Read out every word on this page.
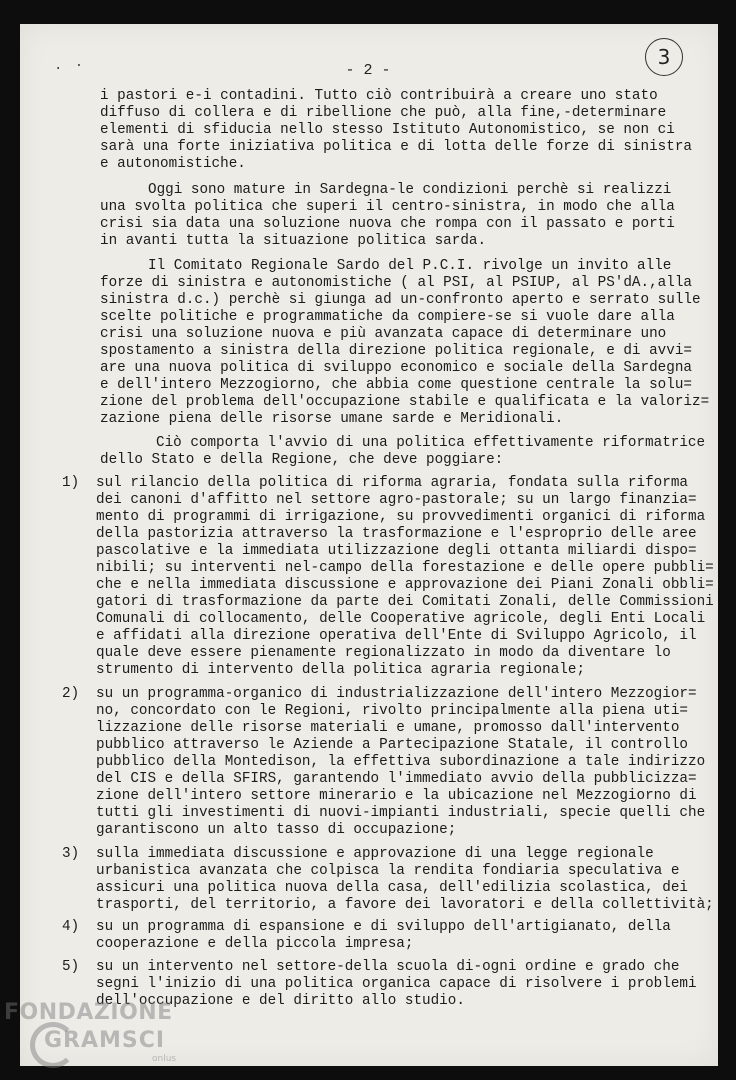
. ·	- 2 -
3
i pastori e-i contadini. Tutto ciò contribuirà a creare uno stato
diffuso di collera e di ribellione che può, alla fine,-determinare
elementi di sfiducia nello stesso Istituto Autonomistico, se non ci
sarà una forte iniziativa politica e di lotta delle forze di sinistra
e autonomistiche.
Oggi sono mature in Sardegna-le condizioni perchè si realizzi
una svolta politica che superi il centro-sinistra, in modo che alla
crisi sia data una soluzione nuova che rompa con il passato e porti
in avanti tutta la situazione politica sarda.
Il Comitato Regionale Sardo del P.C.I. rivolge un invito alle
forze di sinistra e autonomistiche ( al PSI, al PSIUP, al PS'dA.,alla
sinistra d.c.) perchè si giunga ad un-confronto aperto e serrato sulle
scelte politiche e programmatiche da compiere-se si vuole dare alla
crisi una soluzione nuova e più avanzata capace di determinare uno
spostamento a sinistra della direzione politica regionale, e di avvi=
are una nuova politica di sviluppo economico e sociale della Sardegna
e dell'intero Mezzogiorno, che abbia come questione centrale la solu=
zione del problema dell'occupazione stabile e qualificata e la valoriz=
zazione piena delle risorse umane sarde e Meridionali.
Ciò comporta l'avvio di una politica effettivamente riformatrice
dello Stato e della Regione, che deve poggiare:
1) sul rilancio della politica di riforma agraria, fondata sulla riforma
dei canoni d'affitto nel settore agro-pastorale; su un largo finanzia=
mento di programmi di irrigazione, su provvedimenti organici di riforma
della pastorizia attraverso la trasformazione e l'esproprio delle aree
pascolative e la immediata utilizzazione degli ottanta miliardi dispo=
nibili; su interventi nel-campo della forestazione e delle opere pubbli=
che e nella immediata discussione e approvazione dei Piani Zonali obbli=
gatori di trasformazione da parte dei Comitati Zonali, delle Commissioni
Comunali di collocamento, delle Cooperative agricole, degli Enti Locali
e affidati alla direzione operativa dell'Ente di Sviluppo Agricolo, il
quale deve essere pienamente regionalizzato in modo da diventare lo
strumento di intervento della politica agraria regionale;
2) su un programma-organico di industrializzazione dell'intero Mezzogior=
no, concordato con le Regioni, rivolto principalmente alla piena uti=
lizzazione delle risorse materiali e umane, promosso dall'intervento
pubblico attraverso le Aziende a Partecipazione Statale, il controllo
pubblico della Montedison, la effettiva subordinazione a tale indirizzo
del CIS e della SFIRS, garantendo l'immediato avvio della pubblicizza=
zione dell'intero settore minerario e la ubicazione nel Mezzogiorno di
tutti gli investimenti di nuovi-impianti industriali, specie quelli che
garantiscono un alto tasso di occupazione;
3) sulla immediata discussione e approvazione di una legge regionale
urbanistica avanzata che colpisca la rendita fondiaria speculativa e
assicuri una politica nuova della casa, dell'edilizia scolastica, dei
trasporti, del territorio, a favore dei lavoratori e della collettività;
4) su un programma di espansione e di sviluppo dell'artigianato, della
cooperazione e della piccola impresa;
5) su un intervento nel settore-della scuola di-ogni ordine e grado che
segni l'inizio di una politica organica capace di risolvere i problemi
dell'occupazione e del diritto allo studio.
FONDAZIONE
GRAMSCI
onlus
